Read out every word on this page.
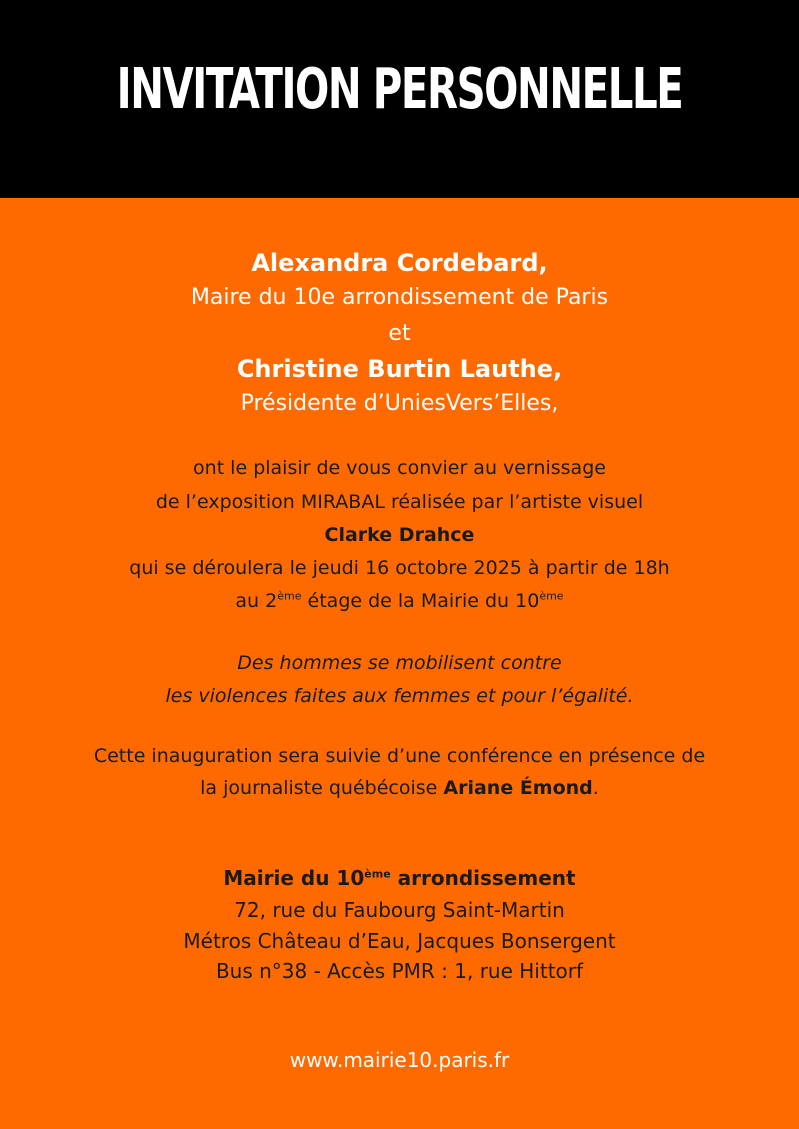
INVITATION PERSONNELLE
Alexandra Cordebard,
Maire du 10e arrondissement de Paris
et
Christine Burtin Lauthe,
Présidente d’UniesVers’Elles,
ont le plaisir de vous convier au vernissage
de l’exposition MIRABAL réalisée par l’artiste visuel
Clarke Drahce
qui se déroulera le jeudi 16 octobre 2025 à partir de 18h
au 2ème étage de la Mairie du 10ème
Des hommes se mobilisent contre
les violences faites aux femmes et pour l’égalité.
Cette inauguration sera suivie d’une conférence en présence de
la journaliste québécoise Ariane Émond.
Mairie du 10ème arrondissement
72, rue du Faubourg Saint-Martin
Métros Château d’Eau, Jacques Bonsergent
Bus n°38 - Accès PMR : 1, rue Hittorf
www.mairie10.paris.fr
